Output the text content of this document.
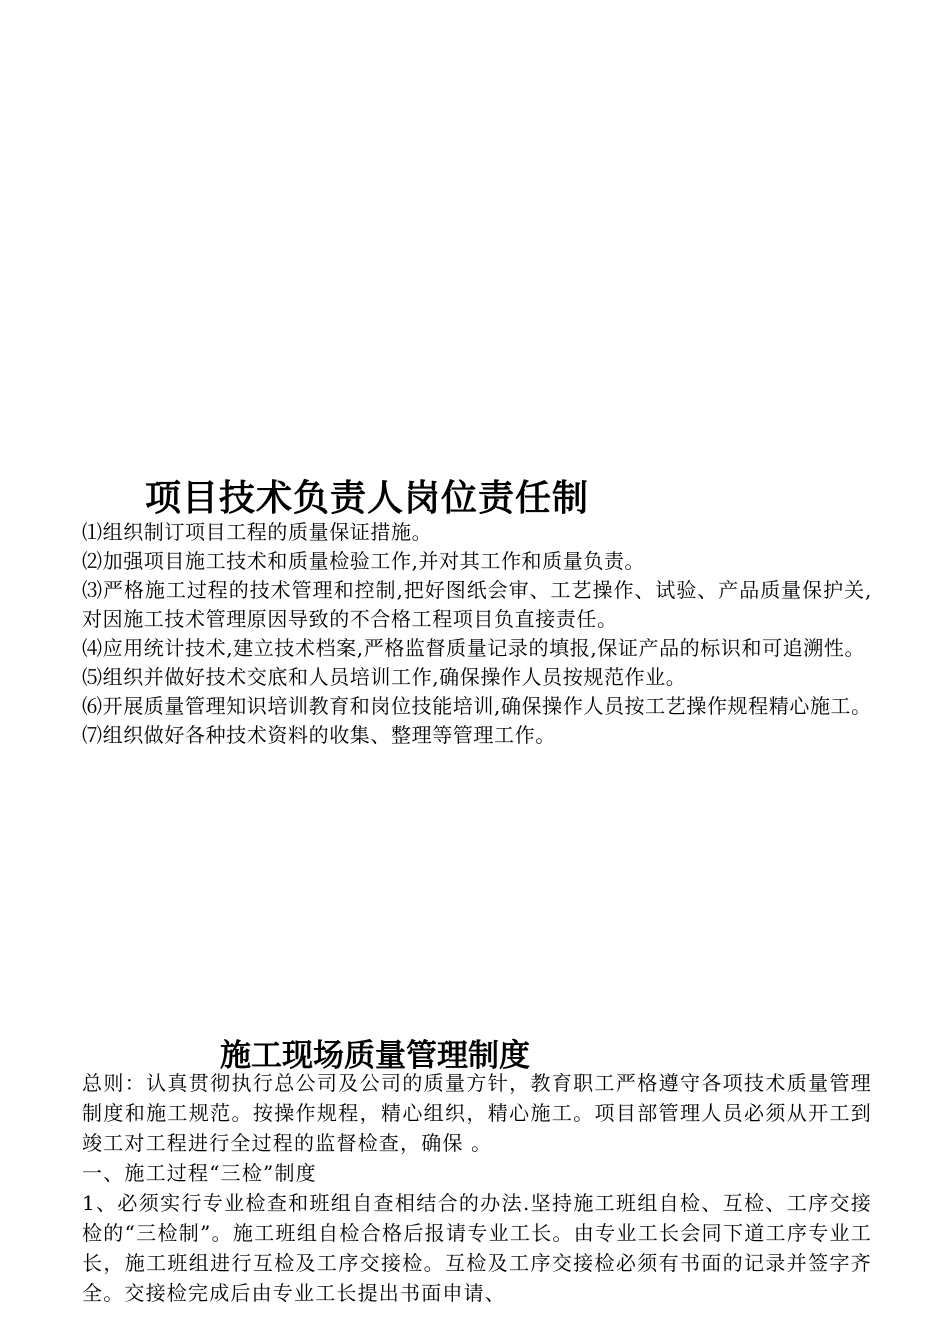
项目技术负责人岗位责任制

⑴组织制订项目工程的质量保证措施。

⑵加强项目施工技术和质量检验工作,并对其工作和质量负责。

⑶严格施工过程的技术管理和控制,把好图纸会审、工艺操作、试验、产品质量保护关,对因施工技术管理原因导致的不合格工程项目负直接责任。

⑷应用统计技术,建立技术档案,严格监督质量记录的填报,保证产品的标识和可追溯性。

⑸组织并做好技术交底和人员培训工作,确保操作人员按规范作业。

⑹开展质量管理知识培训教育和岗位技能培训,确保操作人员按工艺操作规程精心施工。

⑺组织做好各种技术资料的收集、整理等管理工作。

施工现场质量管理制度

总则：认真贯彻执行总公司及公司的质量方针，教育职工严格遵守各项技术质量管理制度和施工规范。按操作规程，精心组织，精心施工。项目部管理人员必须从开工到竣工对工程进行全过程的监督检查，确保 。

一、施工过程“三检”制度

1、必须实行专业检查和班组自查相结合的办法.坚持施工班组自检、互检、工序交接检的“三检制”。施工班组自检合格后报请专业工长。由专业工长会同下道工序专业工长，施工班组进行互检及工序交接检。互检及工序交接检必须有书面的记录并签字齐全。交接检完成后由专业工长提出书面申请、
